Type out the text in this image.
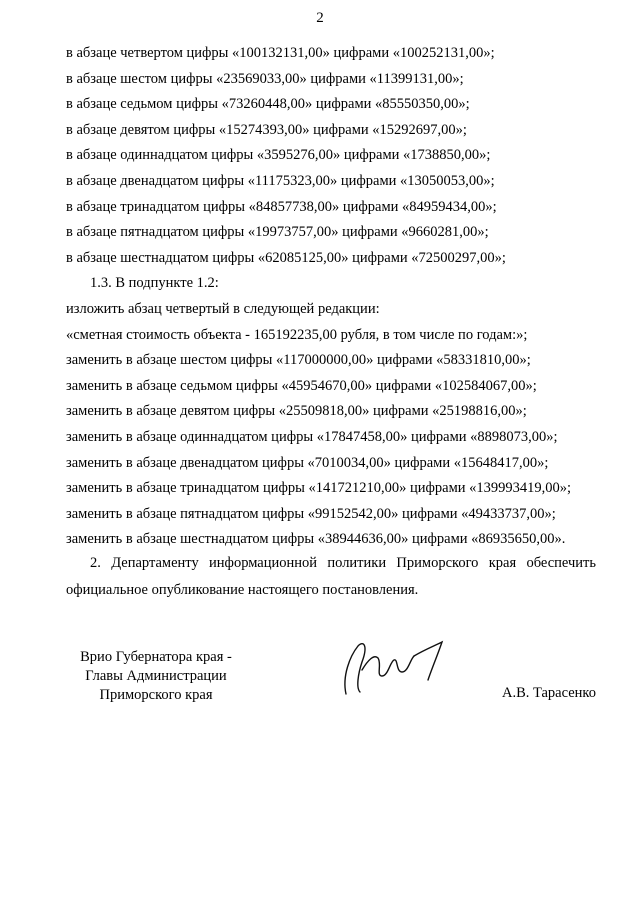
2
в абзаце четвертом цифры «100132131,00» цифрами «100252131,00»;
в абзаце шестом цифры «23569033,00» цифрами «11399131,00»;
в абзаце седьмом цифры «73260448,00» цифрами «85550350,00»;
в абзаце девятом цифры «15274393,00» цифрами «15292697,00»;
в абзаце одиннадцатом цифры «3595276,00» цифрами «1738850,00»;
в абзаце двенадцатом цифры «11175323,00» цифрами «13050053,00»;
в абзаце тринадцатом цифры «84857738,00» цифрами «84959434,00»;
в абзаце пятнадцатом цифры «19973757,00» цифрами «9660281,00»;
в абзаце шестнадцатом цифры «62085125,00» цифрами «72500297,00»;
1.3. В подпункте 1.2:
изложить абзац четвертый в следующей редакции:
«сметная стоимость объекта - 165192235,00 рубля, в том числе по годам:»;
заменить в абзаце шестом цифры «117000000,00» цифрами «58331810,00»;
заменить в абзаце седьмом цифры «45954670,00» цифрами «102584067,00»;
заменить в абзаце девятом цифры «25509818,00» цифрами «25198816,00»;
заменить в абзаце одиннадцатом цифры «17847458,00» цифрами «8898073,00»;
заменить в абзаце двенадцатом цифры «7010034,00» цифрами «15648417,00»;
заменить в абзаце тринадцатом цифры «141721210,00» цифрами «139993419,00»;
заменить в абзаце пятнадцатом цифры «99152542,00» цифрами «49433737,00»;
заменить в абзаце шестнадцатом цифры «38944636,00» цифрами «86935650,00».
2. Департаменту информационной политики Приморского края обеспечить официальное опубликование настоящего постановления.
Врио Губернатора края -
Главы Администрации
Приморского края	А.В. Тарасенко
